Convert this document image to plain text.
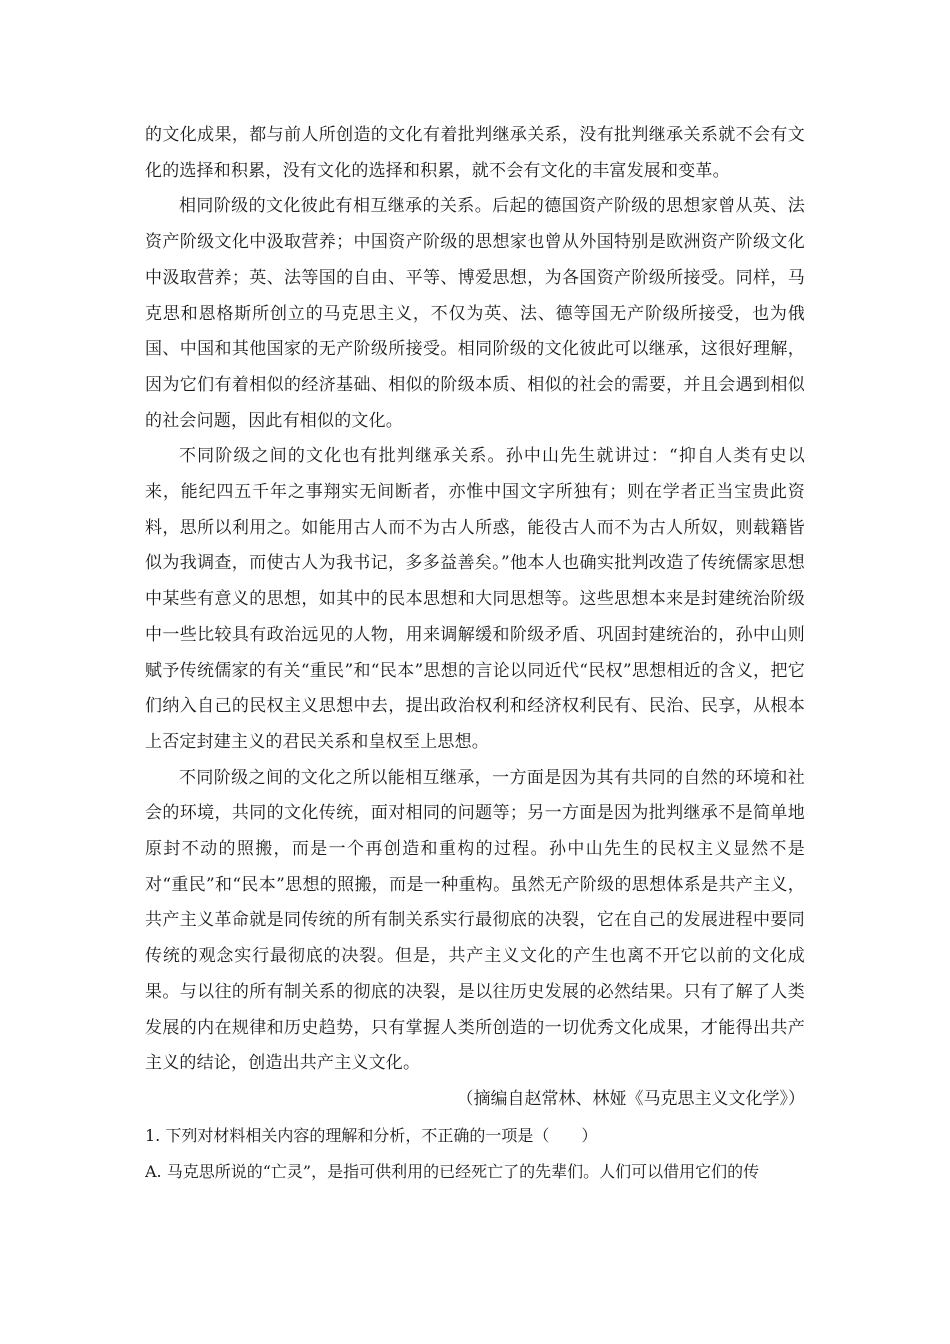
的文化成果，都与前人所创造的文化有着批判继承关系，没有批判继承关系就不会有文化的选择和积累，没有文化的选择和积累，就不会有文化的丰富发展和变革。

相同阶级的文化彼此有相互继承的关系。后起的德国资产阶级的思想家曾从英、法资产阶级文化中汲取营养；中国资产阶级的思想家也曾从外国特别是欧洲资产阶级文化中汲取营养；英、法等国的自由、平等、博爱思想，为各国资产阶级所接受。同样，马克思和恩格斯所创立的马克思主义，不仅为英、法、德等国无产阶级所接受，也为俄国、中国和其他国家的无产阶级所接受。相同阶级的文化彼此可以继承，这很好理解，因为它们有着相似的经济基础、相似的阶级本质、相似的社会的需要，并且会遇到相似的社会问题，因此有相似的文化。

不同阶级之间的文化也有批判继承关系。孙中山先生就讲过：“抑自人类有史以来，能纪四五千年之事翔实无间断者，亦惟中国文字所独有；则在学者正当宝贵此资料，思所以利用之。如能用古人而不为古人所惑，能役古人而不为古人所奴，则载籍皆似为我调查，而使古人为我书记，多多益善矣。”他本人也确实批判改造了传统儒家思想中某些有意义的思想，如其中的民本思想和大同思想等。这些思想本来是封建统治阶级中一些比较具有政治远见的人物，用来调解缓和阶级矛盾、巩固封建统治的，孙中山则赋予传统儒家的有关“重民”和“民本”思想的言论以同近代“民权”思想相近的含义，把它们纳入自己的民权主义思想中去，提出政治权利和经济权利民有、民治、民享，从根本上否定封建主义的君民关系和皇权至上思想。

不同阶级之间的文化之所以能相互继承，一方面是因为其有共同的自然的环境和社会的环境，共同的文化传统，面对相同的问题等；另一方面是因为批判继承不是简单地原封不动的照搬，而是一个再创造和重构的过程。孙中山先生的民权主义显然不是对“重民”和“民本”思想的照搬，而是一种重构。虽然无产阶级的思想体系是共产主义，共产主义革命就是同传统的所有制关系实行最彻底的决裂，它在自己的发展进程中要同传统的观念实行最彻底的决裂。但是，共产主义文化的产生也离不开它以前的文化成果。与以往的所有制关系的彻底的决裂，是以往历史发展的必然结果。只有了解了人类发展的内在规律和历史趋势，只有掌握人类所创造的一切优秀文化成果，才能得出共产主义的结论，创造出共产主义文化。

（摘编自赵常林、林娅《马克思主义文化学》）

1. 下列对材料相关内容的理解和分析，不正确的一项是（　　）

A. 马克思所说的“亡灵”，是指可供利用的已经死亡了的先辈们。人们可以借用它们的传
